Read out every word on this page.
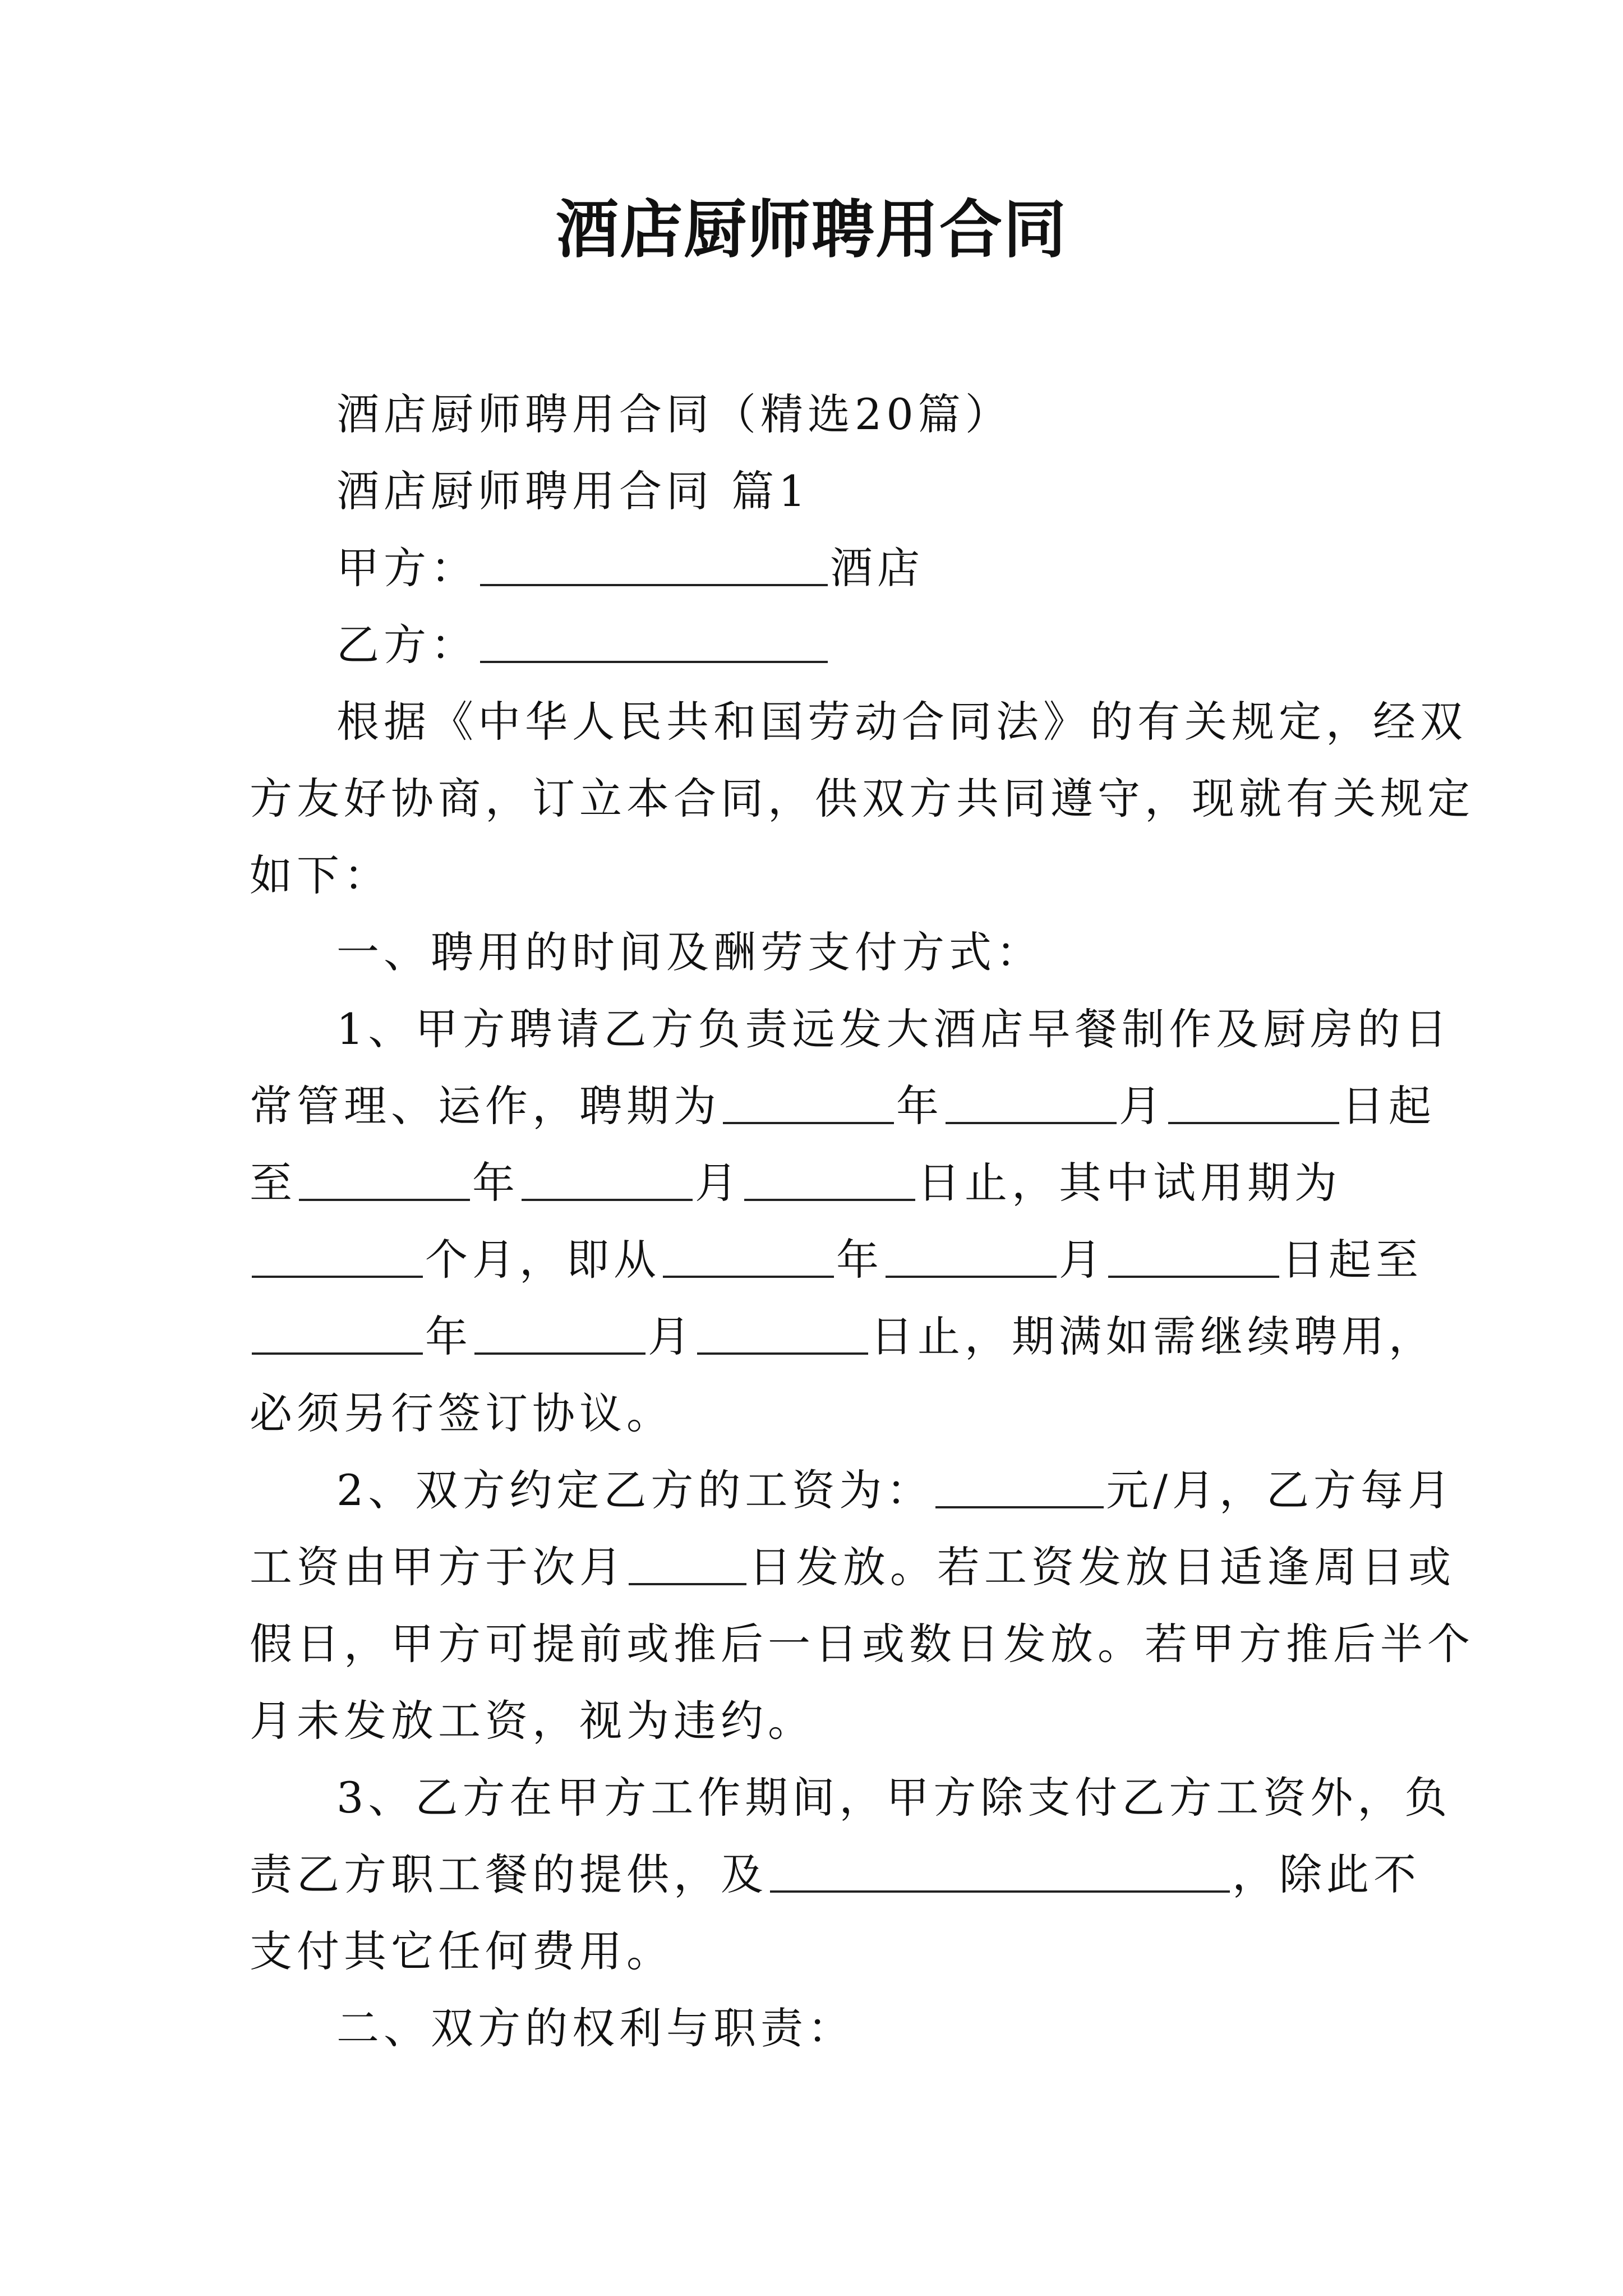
酒店厨师聘用合同
酒店厨师聘用合同（精选20篇）
酒店厨师聘用合同 篇1
甲方：	酒店
乙方：
根据《中华人民共和国劳动合同法》的有关规定，经双
方友好协商，订立本合同，供双方共同遵守，现就有关规定
如下：
一、聘用的时间及酬劳支付方式：
1、甲方聘请乙方负责远发大酒店早餐制作及厨房的日
常管理、运作，聘期为	年	月	日起
至	年	月	日止，其中试用期为
个月，即从	年	月	日起至
年	月	日止，期满如需继续聘用，
必须另行签订协议。
2、双方约定乙方的工资为：	元/月，乙方每月
工资由甲方于次月	日发放。若工资发放日适逢周日或
假日，甲方可提前或推后一日或数日发放。若甲方推后半个
月未发放工资，视为违约。
3、乙方在甲方工作期间，甲方除支付乙方工资外，负
责乙方职工餐的提供，及	，除此不
支付其它任何费用。
二、双方的权利与职责：
